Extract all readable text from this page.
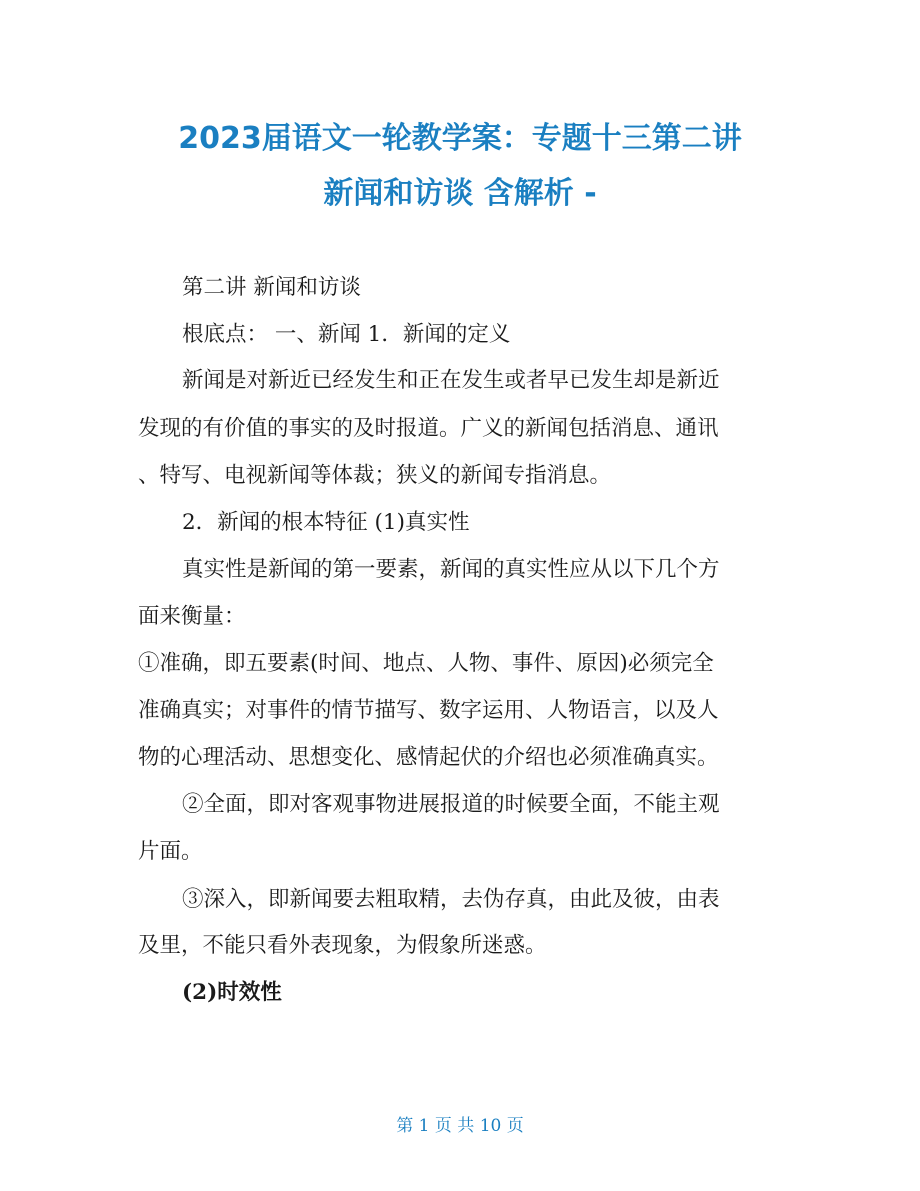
2023届语文一轮教学案：专题十三第二讲
新闻和访谈 含解析 -

第二讲 新闻和访谈

根底点： 一、新闻 1．新闻的定义

新闻是对新近已经发生和正在发生或者早已发生却是新近

发现的有价值的事实的及时报道。广义的新闻包括消息、通讯

、特写、电视新闻等体裁；狭义的新闻专指消息。

2．新闻的根本特征 (1)真实性

真实性是新闻的第一要素，新闻的真实性应从以下几个方

面来衡量：

①准确，即五要素(时间、地点、人物、事件、原因)必须完全

准确真实；对事件的情节描写、数字运用、人物语言，以及人

物的心理活动、思想变化、感情起伏的介绍也必须准确真实。

②全面，即对客观事物进展报道的时候要全面，不能主观

片面。

③深入，即新闻要去粗取精，去伪存真，由此及彼，由表

及里，不能只看外表现象，为假象所迷惑。

(2)时效性

第 1 页 共 10 页
